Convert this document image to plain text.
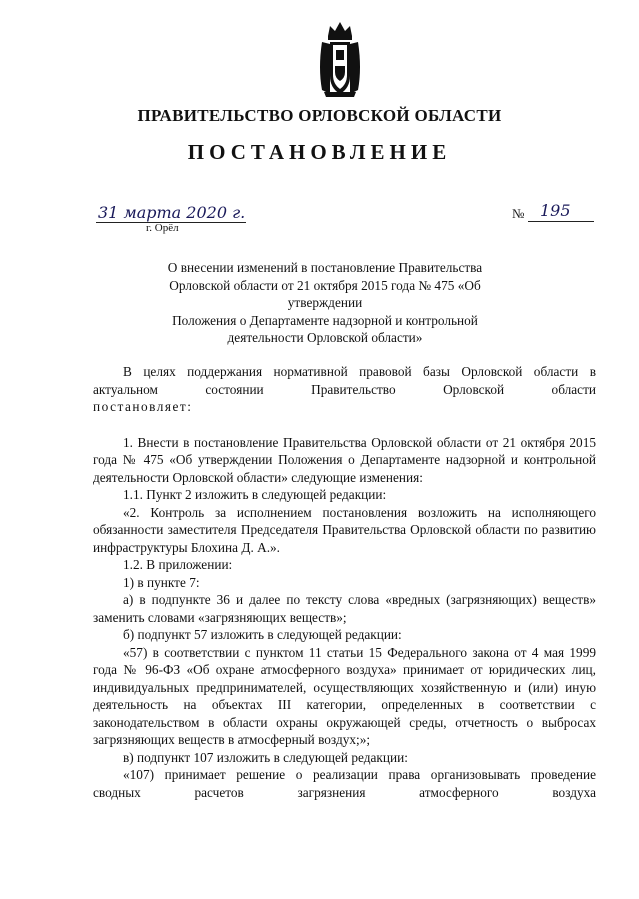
ПРАВИТЕЛЬСТВО ОРЛОВСКОЙ ОБЛАСТИ
ПОСТАНОВЛЕНИЕ
31 марта 2020 г.
г. Орёл
№ 195
О внесении изменений в постановление Правительства
Орловской области от 21 октября 2015 года № 475 «Об утверждении
Положения о Департаменте надзорной и контрольной
деятельности Орловской области»

В целях поддержания нормативной правовой базы Орловской области в актуальном состоянии Правительство Орловской области

постановляет:

1. Внести в постановление Правительства Орловской области от 21 октября 2015 года № 475 «Об утверждении Положения о Департаменте надзорной и контрольной деятельности Орловской области» следующие изменения:

1.1. Пункт 2 изложить в следующей редакции:

«2. Контроль за исполнением постановления возложить на исполняющего обязанности заместителя Председателя Правительства Орловской области по развитию инфраструктуры Блохина Д. А.».

1.2. В приложении:

1) в пункте 7:

а) в подпункте 36 и далее по тексту слова «вредных (загрязняющих) веществ» заменить словами «загрязняющих веществ»;

б) подпункт 57 изложить в следующей редакции:

«57) в соответствии с пунктом 11 статьи 15 Федерального закона от 4 мая 1999 года № 96-ФЗ «Об охране атмосферного воздуха» принимает от юридических лиц, индивидуальных предпринимателей, осуществляющих хозяйственную и (или) иную деятельность на объектах III категории, определенных в соответствии с законодательством в области охраны окружающей среды, отчетность о выбросах загрязняющих веществ в атмосферный воздух;»;

в) подпункт 107 изложить в следующей редакции:

«107) принимает решение о реализации права организовывать проведение сводных расчетов загрязнения атмосферного воздуха
